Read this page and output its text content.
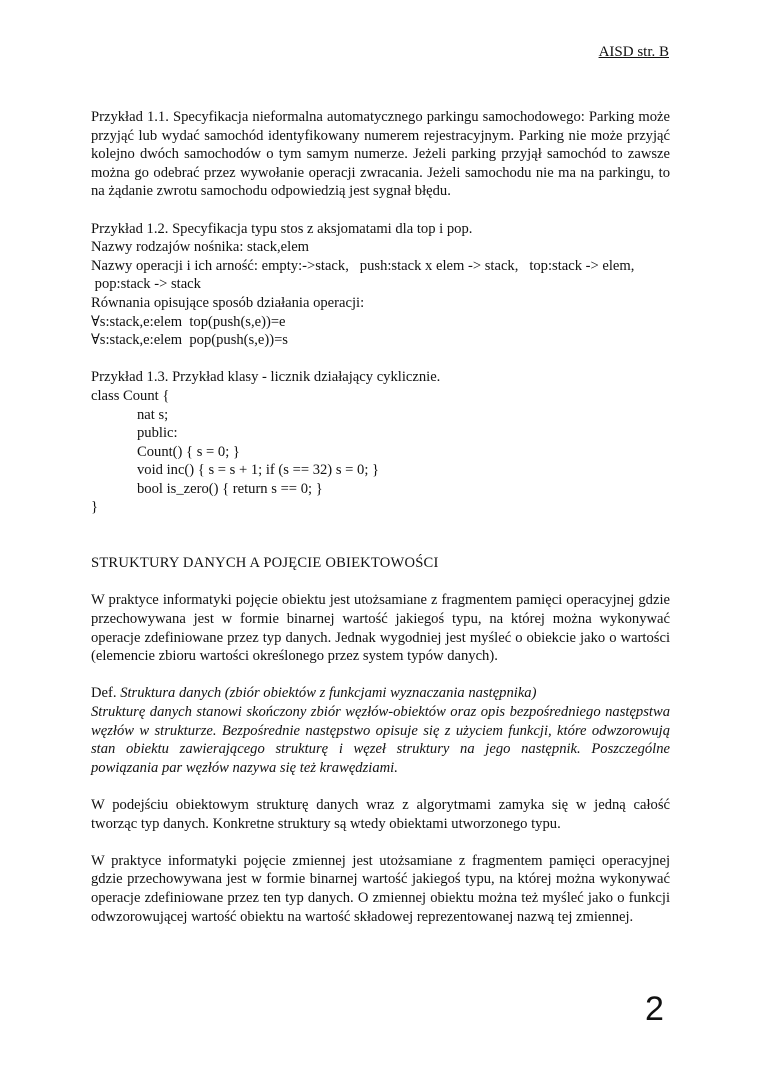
AISD str. B

Przykład 1.1. Specyfikacja nieformalna automatycznego parkingu samochodowego: Parking może przyjąć lub wydać samochód identyfikowany numerem rejestracyjnym. Parking nie może przyjąć kolejno dwóch samochodów o tym samym numerze. Jeżeli parking przyjął samochód to zawsze można go odebrać przez wywołanie operacji zwracania. Jeżeli samochodu nie ma na parkingu, to na żądanie zwrotu samochodu odpowiedzią jest sygnał błędu.

Przykład 1.2. Specyfikacja typu stos z aksjomatami dla top i pop.

Nazwy rodzajów nośnika: stack,elem

Nazwy operacji i ich arność: empty:->stack,   push:stack x elem -> stack,   top:stack -> elem,

pop:stack -> stack

Równania opisujące sposób działania operacji:

∀s:stack,e:elem  top(push(s,e))=e

∀s:stack,e:elem  pop(push(s,e))=s

Przykład 1.3. Przykład klasy - licznik działający cyklicznie.

class Count {

nat s;

public:

Count() { s = 0; }

void inc() { s = s + 1; if (s == 32) s = 0; }

bool is_zero() { return s == 0; }

}

STRUKTURY DANYCH A POJĘCIE OBIEKTOWOŚCI

W praktyce informatyki pojęcie obiektu jest utożsamiane z fragmentem pamięci operacyjnej gdzie przechowywana jest w formie binarnej wartość jakiegoś typu, na której można wykonywać operacje zdefiniowane przez typ danych. Jednak wygodniej jest myśleć o obiekcie jako o wartości (elemencie zbioru wartości określonego przez system typów danych).

Def. Struktura danych (zbiór obiektów z funkcjami wyznaczania następnika)

Strukturę danych stanowi skończony zbiór węzłów-obiektów oraz opis bezpośredniego następstwa węzłów w strukturze. Bezpośrednie następstwo opisuje się z użyciem funkcji, które odwzorowują stan obiektu zawierającego strukturę i węzeł struktury na jego następnik. Poszczególne powiązania par węzłów nazywa się też krawędziami.

W podejściu obiektowym strukturę danych wraz z algorytmami zamyka się w jedną całość tworząc typ danych. Konkretne struktury są wtedy obiektami utworzonego typu.

W praktyce informatyki pojęcie zmiennej jest utożsamiane z fragmentem pamięci operacyjnej gdzie przechowywana jest w formie binarnej wartość jakiegoś typu, na której można wykonywać operacje zdefiniowane przez ten typ danych. O zmiennej obiektu można też myśleć jako o funkcji odwzorowującej wartość obiektu na wartość składowej reprezentowanej nazwą tej zmiennej.

2
